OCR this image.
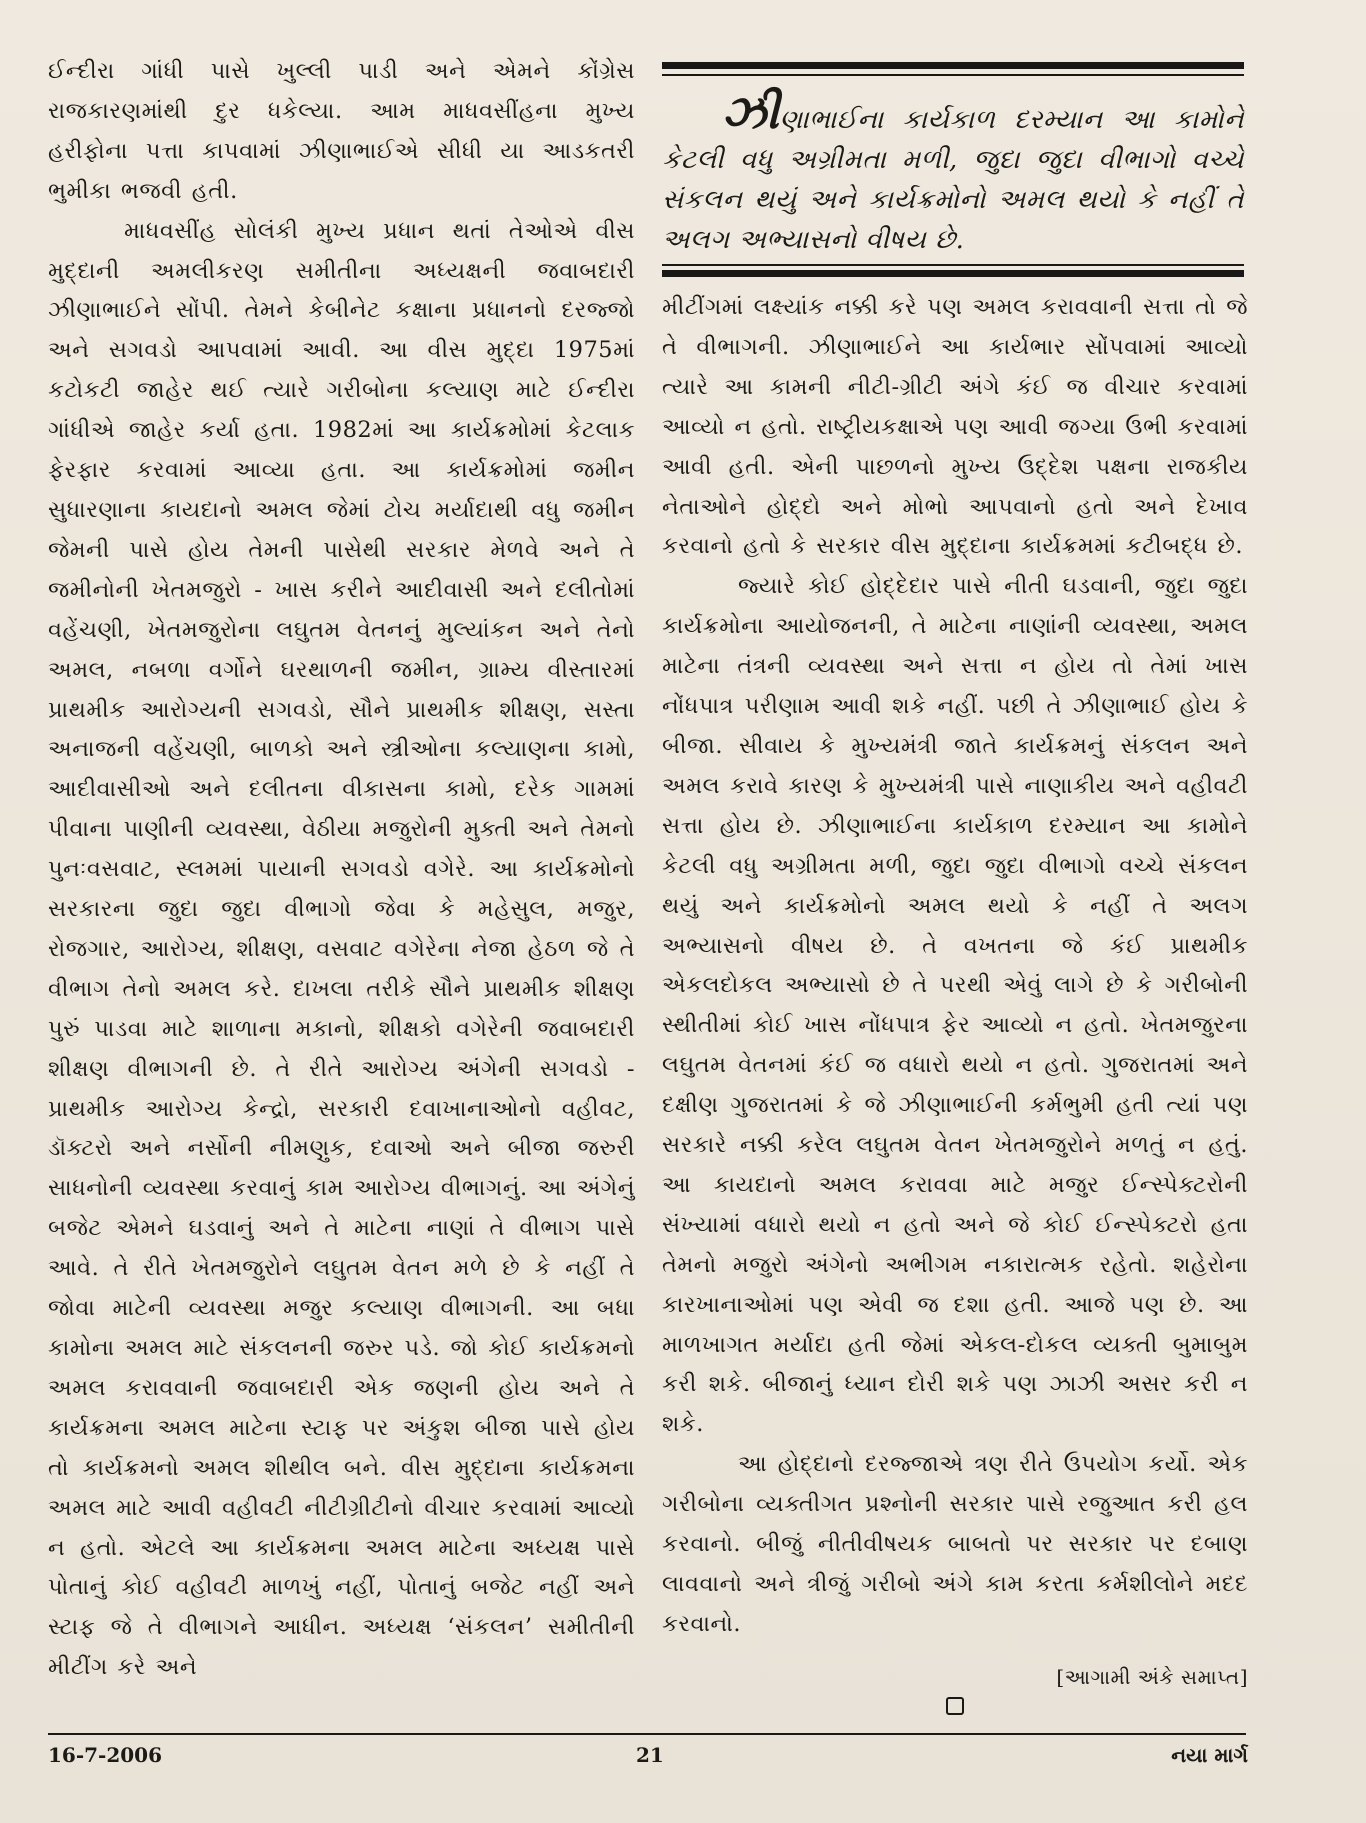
ઈન્દીરા ગાંધી પાસે ખુલ્લી પાડી અને એમને કોંગ્રેસ રાજકારણમાંથી દુર ધકેલ્યા. આમ માધવસીંહના મુખ્ય હરીફોના પત્તા કાપવામાં ઝીણાભાઈએ સીધી યા આડકતરી ભુમીકા ભજવી હતી.

માધવસીંહ સોલંકી મુખ્ય પ્રધાન થતાં તેઓએ વીસ મુદ્દાની અમલીકરણ સમીતીના અધ્યક્ષની જવાબદારી ઝીણાભાઈને સોંપી. તેમને કેબીનેટ કક્ષાના પ્રધાનનો દરજ્જો અને સગવડો આપવામાં આવી. આ વીસ મુદ્દા 1975માં કટોકટી જાહેર થઈ ત્યારે ગરીબોના કલ્યાણ માટે ઈન્દીરા ગાંધીએ જાહેર કર્યા હતા. 1982માં આ કાર્યક્રમોમાં કેટલાક ફેરફાર કરવામાં આવ્યા હતા. આ કાર્યક્રમોમાં જમીન સુધારણાના કાયદાનો અમલ જેમાં ટોચ મર્યાદાથી વધુ જમીન જેમની પાસે હોય તેમની પાસેથી સરકાર મેળવે અને તે જમીનોની ખેતમજુરો - ખાસ કરીને આદીવાસી અને દલીતોમાં વહેંચણી, ખેતમજુરોના લઘુતમ વેતનનું મુલ્યાંકન અને તેનો અમલ, નબળા વર્ગોને ઘરથાળની જમીન, ગ્રામ્ય વીસ્તારમાં પ્રાથમીક આરોગ્યની સગવડો, સૌને પ્રાથમીક શીક્ષણ, સસ્તા અનાજની વહેંચણી, બાળકો અને સ્ત્રીઓના કલ્યાણના કામો, આદીવાસીઓ અને દલીતના વીકાસના કામો, દરેક ગામમાં પીવાના પાણીની વ્યવસ્થા, વેઠીયા મજુરોની મુક્તી અને તેમનો પુનઃવસવાટ, સ્લમમાં પાયાની સગવડો વગેરે. આ કાર્યક્રમોનો સરકારના જુદા જુદા વીભાગો જેવા કે મહેસુલ, મજુર, રોજગાર, આરોગ્ય, શીક્ષણ, વસવાટ વગેરેના નેજા હેઠળ જે તે વીભાગ તેનો અમલ કરે. દાખલા તરીકે સૌને પ્રાથમીક શીક્ષણ પુરું પાડવા માટે શાળાના મકાનો, શીક્ષકો વગેરેની જવાબદારી શીક્ષણ વીભાગની છે. તે રીતે આરોગ્ય અંગેની સગવડો - પ્રાથમીક આરોગ્ય કેન્દ્રો, સરકારી દવાખાનાઓનો વહીવટ, ડૉક્ટરો અને નર્સોની નીમણુક, દવાઓ અને બીજા જરુરી સાધનોની વ્યવસ્થા કરવાનું કામ આરોગ્ય વીભાગનું. આ અંગેનું બજેટ એમને ઘડવાનું અને તે માટેના નાણાં તે વીભાગ પાસે આવે. તે રીતે ખેતમજુરોને લઘુતમ વેતન મળે છે કે નહીં તે જોવા માટેની વ્યવસ્થા મજુર કલ્યાણ વીભાગની. આ બધા કામોના અમલ માટે સંકલનની જરુર પડે. જો કોઈ કાર્યક્રમનો અમલ કરાવવાની જવાબદારી એક જણની હોય અને તે કાર્યક્રમના અમલ માટેના સ્ટાફ પર અંકુશ બીજા પાસે હોય તો કાર્યક્રમનો અમલ શીથીલ બને. વીસ મુદ્દાના કાર્યક્રમના અમલ માટે આવી વહીવટી નીટીગ્રીટીનો વીચાર કરવામાં આવ્યો ન હતો. એટલે આ કાર્યક્રમના અમલ માટેના અધ્યક્ષ પાસે પોતાનું કોઈ વહીવટી માળખું નહીં, પોતાનું બજેટ નહીં અને સ્ટાફ જે તે વીભાગને આધીન. અધ્યક્ષ ‘સંકલન’ સમીતીની મીટીંગ કરે અને

ઝીણાભાઈના કાર્યકાળ દરમ્યાન આ કામોને કેટલી વધુ અગ્રીમતા મળી, જુદા જુદા વીભાગો વચ્ચે સંકલન થયું અને કાર્યક્રમોનો અમલ થયો કે નહીં તે અલગ અભ્યાસનો વીષય છે.

મીટીંગમાં લક્ષ્યાંક નક્કી કરે પણ અમલ કરાવવાની સત્તા તો જે તે વીભાગની. ઝીણાભાઈને આ કાર્યભાર સોંપવામાં આવ્યો ત્યારે આ કામની નીટી-ગ્રીટી અંગે કંઈ જ વીચાર કરવામાં આવ્યો ન હતો. રાષ્ટ્રીયકક્ષાએ પણ આવી જગ્યા ઉભી કરવામાં આવી હતી. એની પાછળનો મુખ્ય ઉદ્દેશ પક્ષના રાજકીય નેતાઓને હોદ્દો અને મોભો આપવાનો હતો અને દેખાવ કરવાનો હતો કે સરકાર વીસ મુદ્દાના કાર્યક્રમમાં કટીબદ્ધ છે.

જ્યારે કોઈ હોદ્દેદાર પાસે નીતી ઘડવાની, જુદા જુદા કાર્યક્રમોના આયોજનની, તે માટેના નાણાંની વ્યવસ્થા, અમલ માટેના તંત્રની વ્યવસ્થા અને સત્તા ન હોય તો તેમાં ખાસ નોંધપાત્ર પરીણામ આવી શકે નહીં. પછી તે ઝીણાભાઈ હોય કે બીજા. સીવાય કે મુખ્યમંત્રી જાતે કાર્યક્રમનું સંકલન અને અમલ કરાવે કારણ કે મુખ્યમંત્રી પાસે નાણાકીય અને વહીવટી સત્તા હોય છે. ઝીણાભાઈના કાર્યકાળ દરમ્યાન આ કામોને કેટલી વધુ અગ્રીમતા મળી, જુદા જુદા વીભાગો વચ્ચે સંકલન થયું અને કાર્યક્રમોનો અમલ થયો કે નહીં તે અલગ અભ્યાસનો વીષય છે. તે વખતના જે કંઈ પ્રાથમીક એકલદોકલ અભ્યાસો છે તે પરથી એવું લાગે છે કે ગરીબોની સ્થીતીમાં કોઈ ખાસ નોંધપાત્ર ફેર આવ્યો ન હતો. ખેતમજુરના લઘુતમ વેતનમાં કંઈ જ વધારો થયો ન હતો. ગુજરાતમાં અને દક્ષીણ ગુજરાતમાં કે જે ઝીણાભાઈની કર્મભુમી હતી ત્યાં પણ સરકારે નક્કી કરેલ લઘુતમ વેતન ખેતમજુરોને મળતું ન હતું. આ કાયદાનો અમલ કરાવવા માટે મજુર ઈન્સ્પેક્ટરોની સંખ્યામાં વધારો થયો ન હતો અને જે કોઈ ઈન્સ્પેક્ટરો હતા તેમનો મજુરો અંગેનો અભીગમ નકારાત્મક રહેતો. શહેરોના કારખાનાઓમાં પણ એવી જ દશા હતી. આજે પણ છે. આ માળખાગત મર્યાદા હતી જેમાં એકલ-દોકલ વ્યક્તી બુમાબુમ કરી શકે. બીજાનું ધ્યાન દોરી શકે પણ ઝાઝી અસર કરી ન શકે.

આ હોદ્દાનો દરજ્જાએ ત્રણ રીતે ઉપયોગ કર્યો. એક ગરીબોના વ્યક્તીગત પ્રશ્નોની સરકાર પાસે રજુઆત કરી હલ કરવાનો. બીજું નીતીવીષયક બાબતો પર સરકાર પર દબાણ લાવવાનો અને ત્રીજું ગરીબો અંગે કામ કરતા કર્મશીલોને મદદ કરવાનો.

[આગામી અંકે સમાપ્ત]
16-7-2006	21	નયા માર્ગ
